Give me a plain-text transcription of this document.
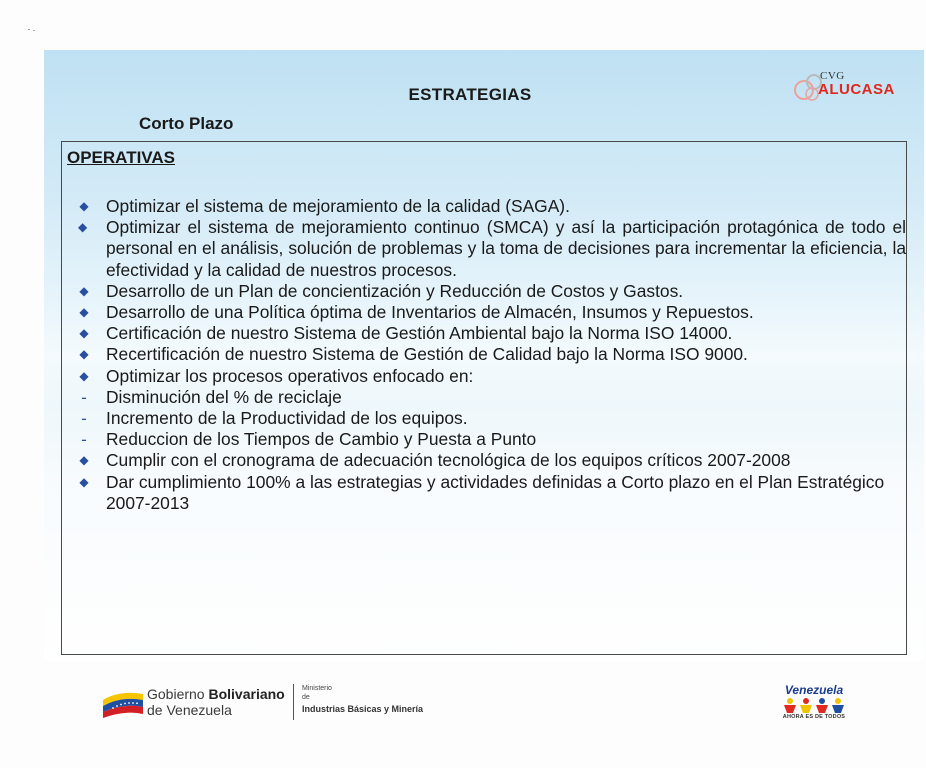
CVG
ALUCASA
ESTRATEGIAS
Corto Plazo
OPERATIVAS
◆ Optimizar el sistema de mejoramiento de la calidad (SAGA).
◆ Optimizar el sistema de mejoramiento continuo (SMCA) y así la participación protagónica de todo el personal en el análisis, solución de problemas y la toma de decisiones para incrementar la eficiencia, la efectividad y la calidad de nuestros procesos.
◆ Desarrollo de un Plan de concientización y Reducción de Costos y Gastos.
◆ Desarrollo de una Política óptima de Inventarios de Almacén, Insumos y Repuestos.
◆ Certificación de nuestro Sistema de Gestión Ambiental bajo la Norma ISO 14000.
◆ Recertificación de nuestro Sistema de Gestión de Calidad bajo la Norma ISO 9000.
◆ Optimizar los procesos operativos enfocado en:
- Disminución del % de reciclaje
- Incremento de la Productividad de los equipos.
- Reduccion de los Tiempos de Cambio y Puesta a Punto
◆ Cumplir con el cronograma de adecuación tecnológica de los equipos críticos 2007-2008
◆ Dar cumplimiento 100% a las estrategias y actividades definidas a Corto plazo en el Plan Estratégico 2007-2013
Gobierno Bolivariano
de Venezuela
Ministerio
de
Industrias Básicas y Minería
Venezuela
AHORA ES DE TODOS
